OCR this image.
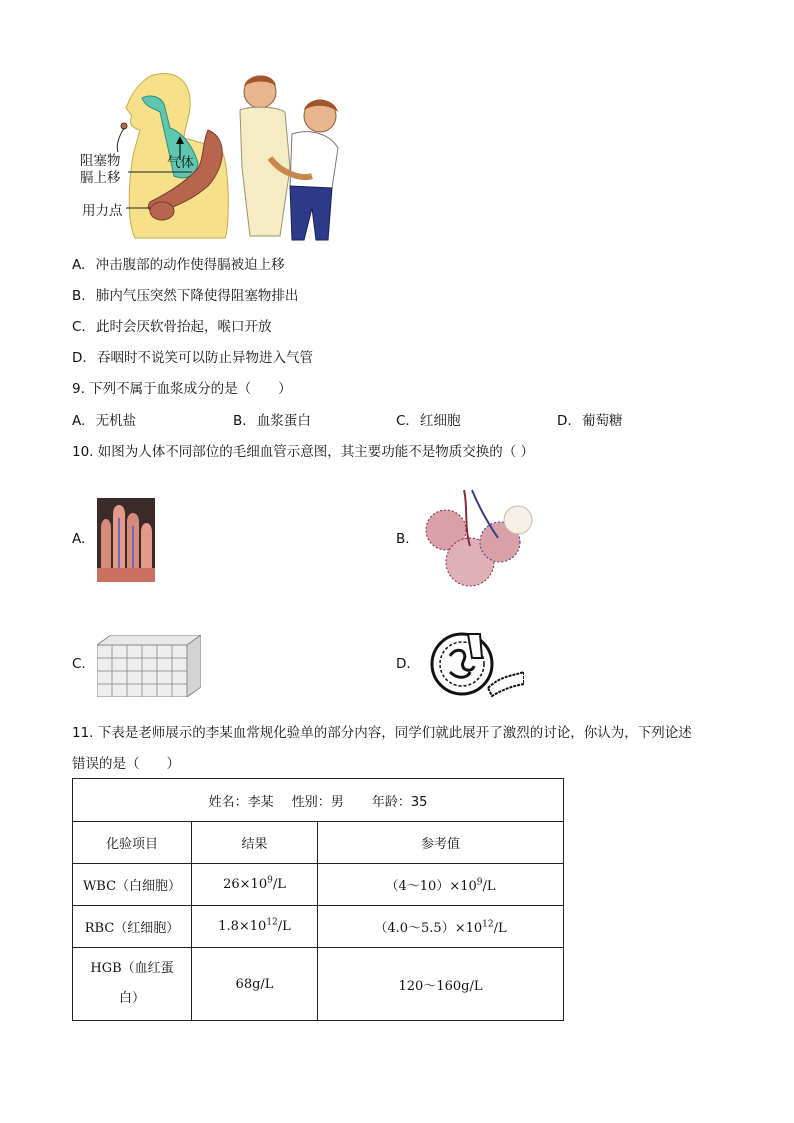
阻塞物
膈上移
用力点
气体
A. 冲击腹部的动作使得膈被迫上移
B. 肺内气压突然下降使得阻塞物排出
C. 此时会厌软骨抬起，喉口开放
D. 吞咽时不说笑可以防止异物进入气管
9. 下列不属于血浆成分的是（　　）
A. 无机盐	B. 血浆蛋白	C. 红细胞	D. 葡萄糖
10. 如图为人体不同部位的毛细血管示意图，其主要功能不是物质交换的（ ）
A.	B.
C.	D.
11. 下表是老师展示的李某血常规化验单的部分内容，同学们就此展开了激烈的讨论，你认为，下列论述
错误的是（　　）
姓名：李某 性别：男 年龄：35		
化验项目	结果	参考值
WBC（白细胞）	$26\times 10^9/L$	$(4\sim 10)\times 10^9/L$
RBC（红细胞）	$1.8\times 10^{12}/L$	$(4.0\sim 5.5)\times 10^{12}/L$
HGB（血红蛋白）	68g/L	120～160g/L
